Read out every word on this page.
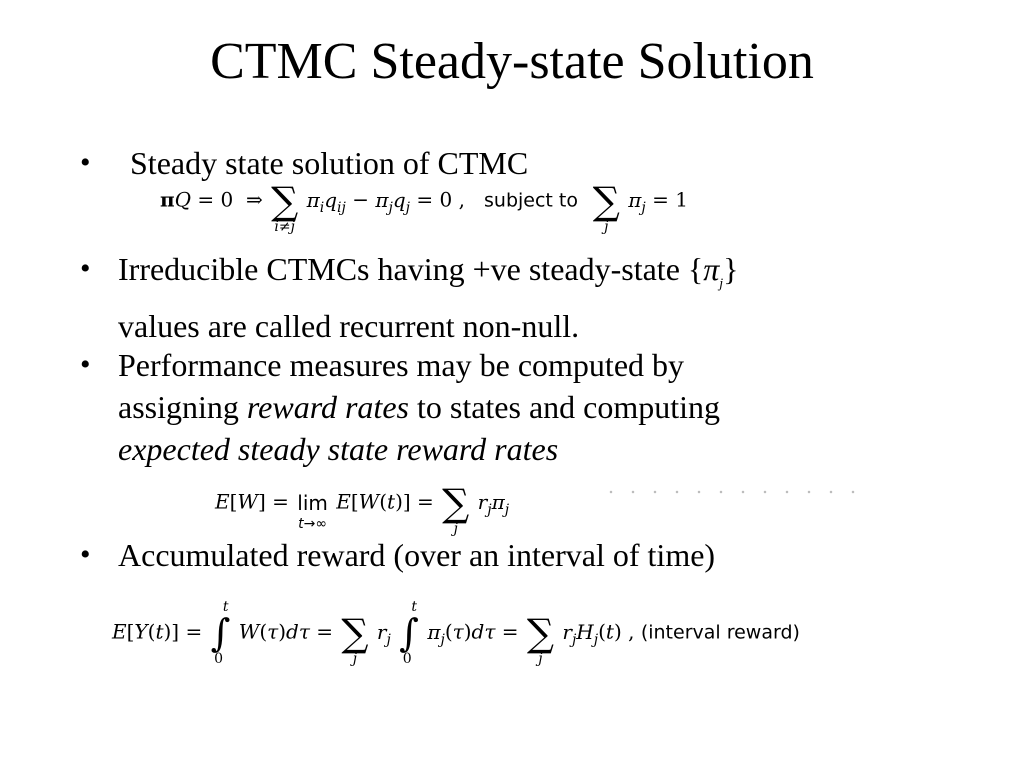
CTMC Steady-state Solution
• Steady state solution of CTMC
πQ = 0 ⇒ ∑
i≠j
$\pi_iq_{ij} - \pi_jq_j = 0$ , subject to ∑
j
$\pi_j = 1$
• Irreducible CTMCs having +ve steady-state $\{\pi_j\}$
values are called recurrent non-null.
• Performance measures may be computed by
assigning reward rates to states and computing
expected steady state reward rates
E[W] = lim
t→∞
E[W(t)] = ∑
j
$r_j\pi_j$
• Accumulated reward (over an interval of time)
E[Y(t)] = ∫
t
0
W(τ)dτ = ∑
j
$r_j$ ∫
t
0
$\pi_j(\tau)d\tau$ = ∑
j
$r_jH_j(t)$ , (interval reward)
